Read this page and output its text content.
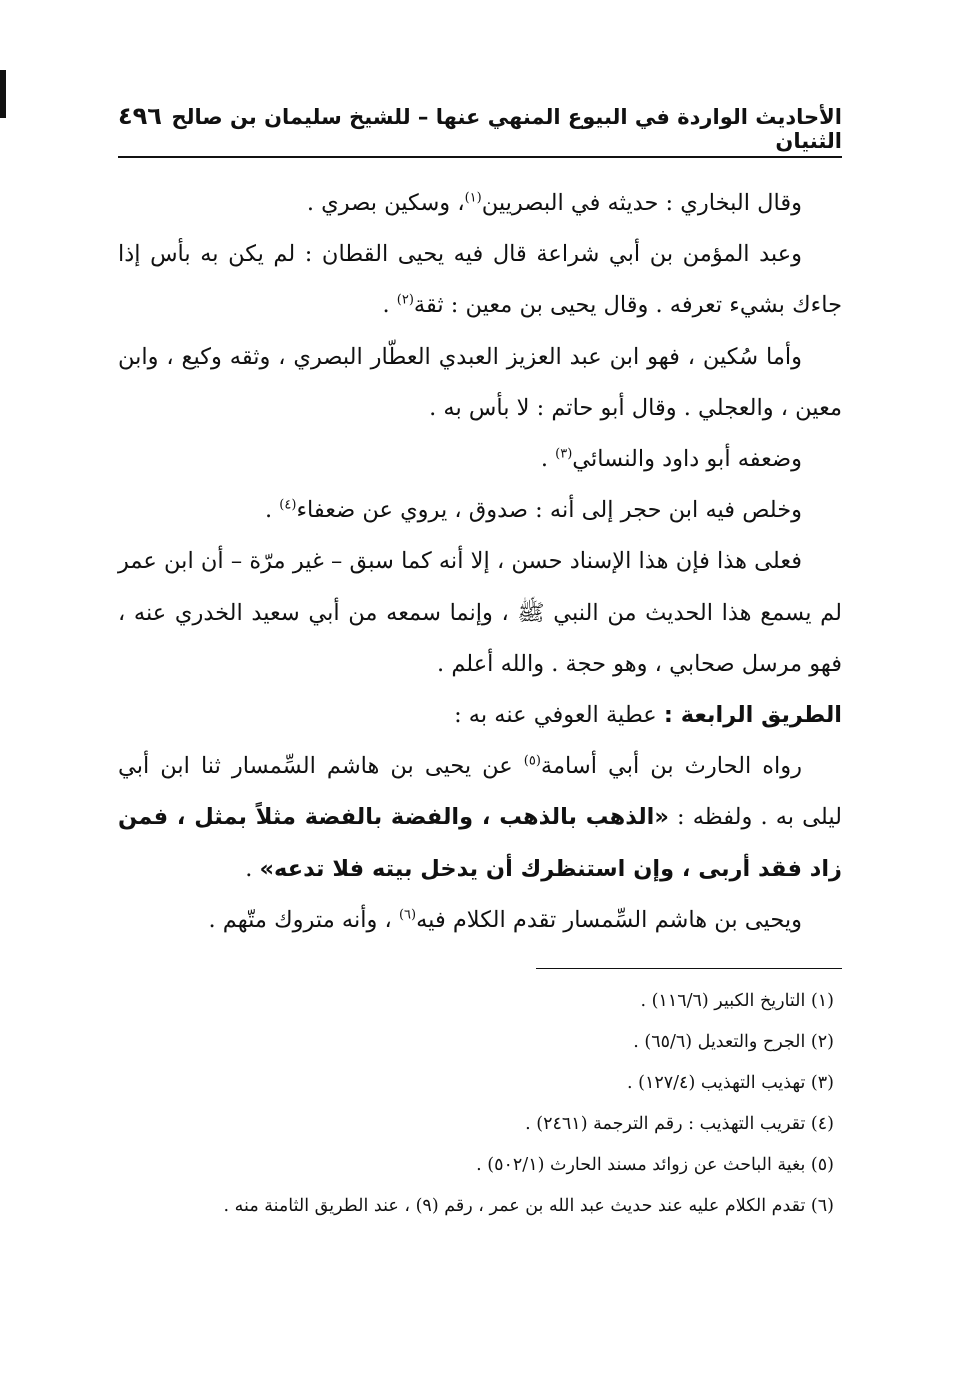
الأحاديث الواردة في البيوع المنهي عنها – للشيخ سليمان بن صالح الثنيان
٤٩٦

وقال البخاري : حديثه في البصريين$^{(١)}$، وسكين بصري .

وعبد المؤمن بن أبي شراعة قال فيه يحيى القطان : لم يكن به بأس إذا جاءك بشيء تعرفه . وقال يحيى بن معين : ثقة$^{(٢)}$ .

وأما سُكين ، فهو ابن عبد العزيز العبدي العطّار البصري ، وثقه وكيع ، وابن معين ، والعجلي . وقال أبو حاتم : لا بأس به .

وضعفه أبو داود والنسائي$^{(٣)}$ .

وخلص فيه ابن حجر إلى أنه : صدوق ، يروي عن ضعفاء$^{(٤)}$ .

فعلى هذا فإن هذا الإسناد حسن ، إلا أنه كما سبق – غير مرّة – أن ابن عمر لم يسمع هذا الحديث من النبي ﷺ ، وإنما سمعه من أبي سعيد الخدري عنه ، فهو مرسل صحابي ، وهو حجة . والله أعلم .

الطريق الرابعة : عطية العوفي عنه به :

رواه الحارث بن أبي أسامة$^{(٥)}$ عن يحيى بن هاشم السِّمسار ثنا ابن أبي ليلى به . ولفظه : «الذهب بالذهب ، والفضة بالفضة مثلاً بمثل ، فمن زاد فقد أربى ، وإن استنظرك أن يدخل بيته فلا تدعه» .

ويحيى بن هاشم السِّمسار تقدم الكلام فيه$^{(٦)}$ ، وأنه متروك متّهم .

(١) التاريخ الكبير (١١٦/٦) .

(٢) الجرح والتعديل (٦٥/٦) .

(٣) تهذيب التهذيب (١٢٧/٤) .

(٤) تقريب التهذيب : رقم الترجمة (٢٤٦١) .

(٥) بغية الباحث عن زوائد مسند الحارث (٥٠٢/١) .

(٦) تقدم الكلام عليه عند حديث عبد الله بن عمر ، رقم (٩) ، عند الطريق الثامنة منه .
